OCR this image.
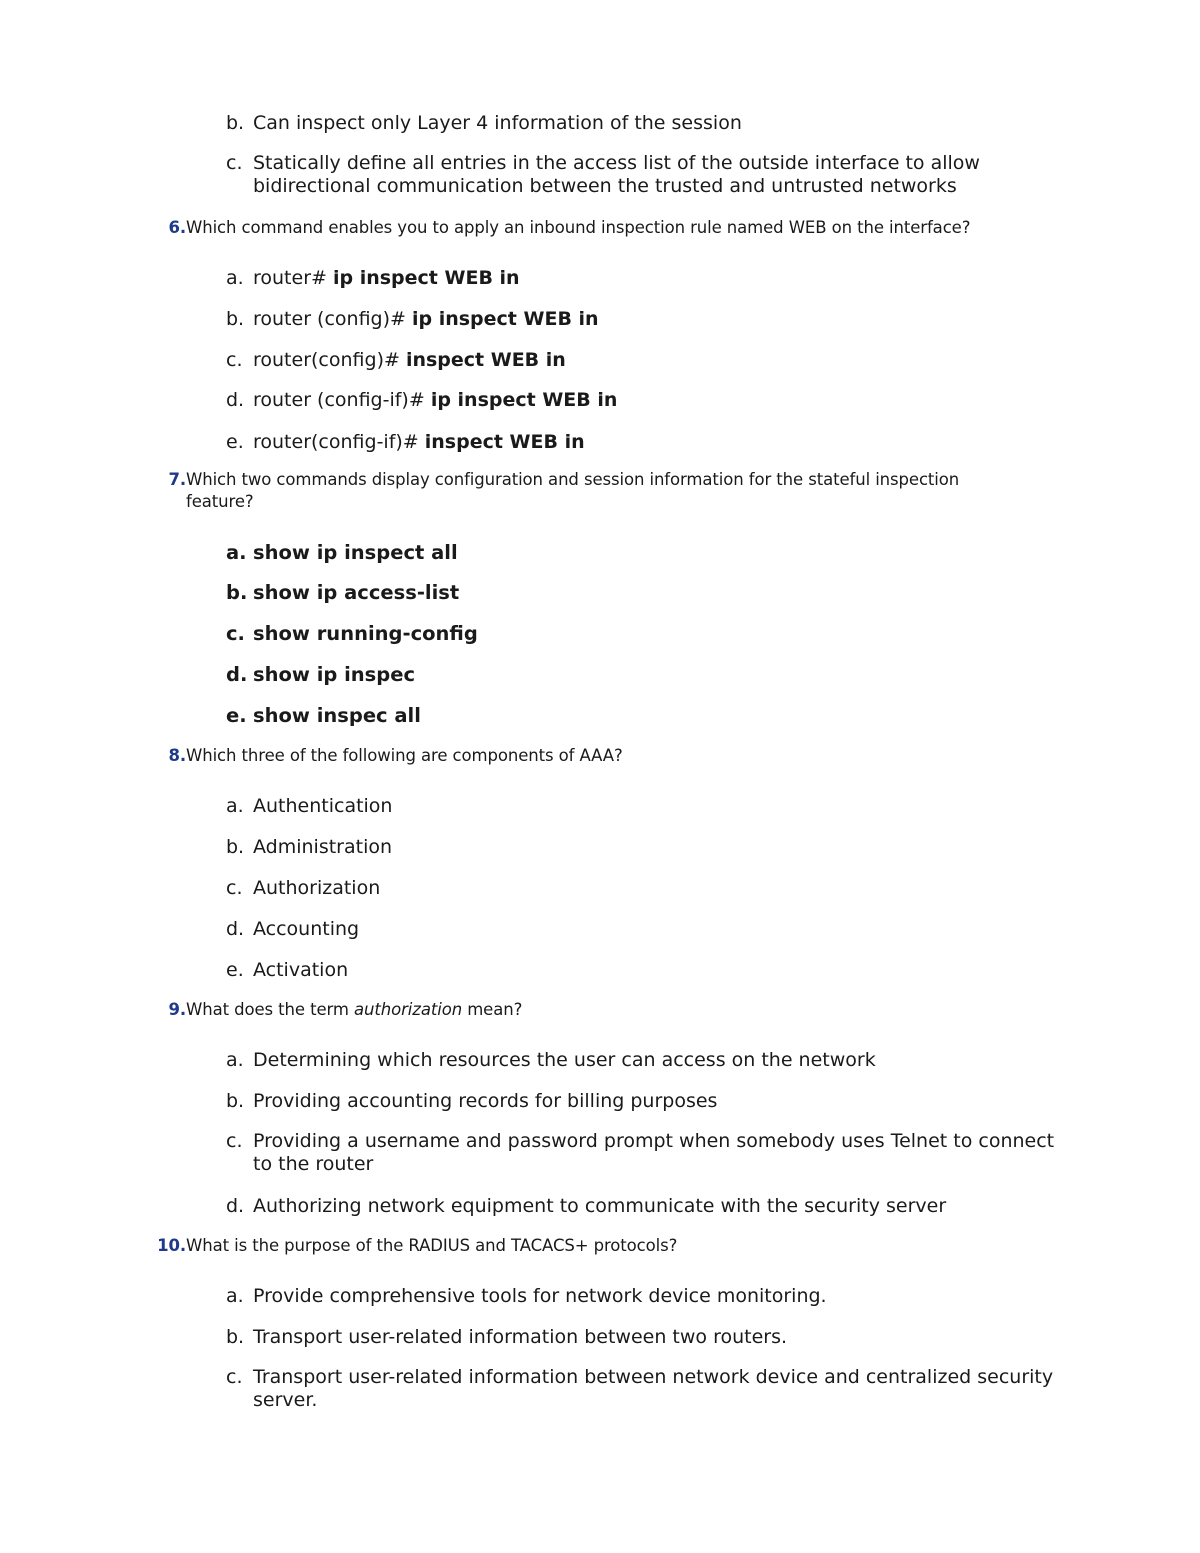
b. Can inspect only Layer 4 information of the session
c. Statically define all entries in the access list of the outside interface to allow
bidirectional communication between the trusted and untrusted networks
6. Which command enables you to apply an inbound inspection rule named WEB on the interface?
a. router# ip inspect WEB in
b. router (config)# ip inspect WEB in
c. router(config)# inspect WEB in
d. router (config-if)# ip inspect WEB in
e. router(config-if)# inspect WEB in
7. Which two commands display configuration and session information for the stateful inspection
feature?
a. show ip inspect all
b. show ip access-list
c. show running-config
d. show ip inspec
e. show inspec all
8. Which three of the following are components of AAA?
a. Authentication
b. Administration
c. Authorization
d. Accounting
e. Activation
9. What does the term authorization mean?
a. Determining which resources the user can access on the network
b. Providing accounting records for billing purposes
c. Providing a username and password prompt when somebody uses Telnet to connect
to the router
d. Authorizing network equipment to communicate with the security server
10. What is the purpose of the RADIUS and TACACS+ protocols?
a. Provide comprehensive tools for network device monitoring.
b. Transport user-related information between two routers.
c. Transport user-related information between network device and centralized security
server.
